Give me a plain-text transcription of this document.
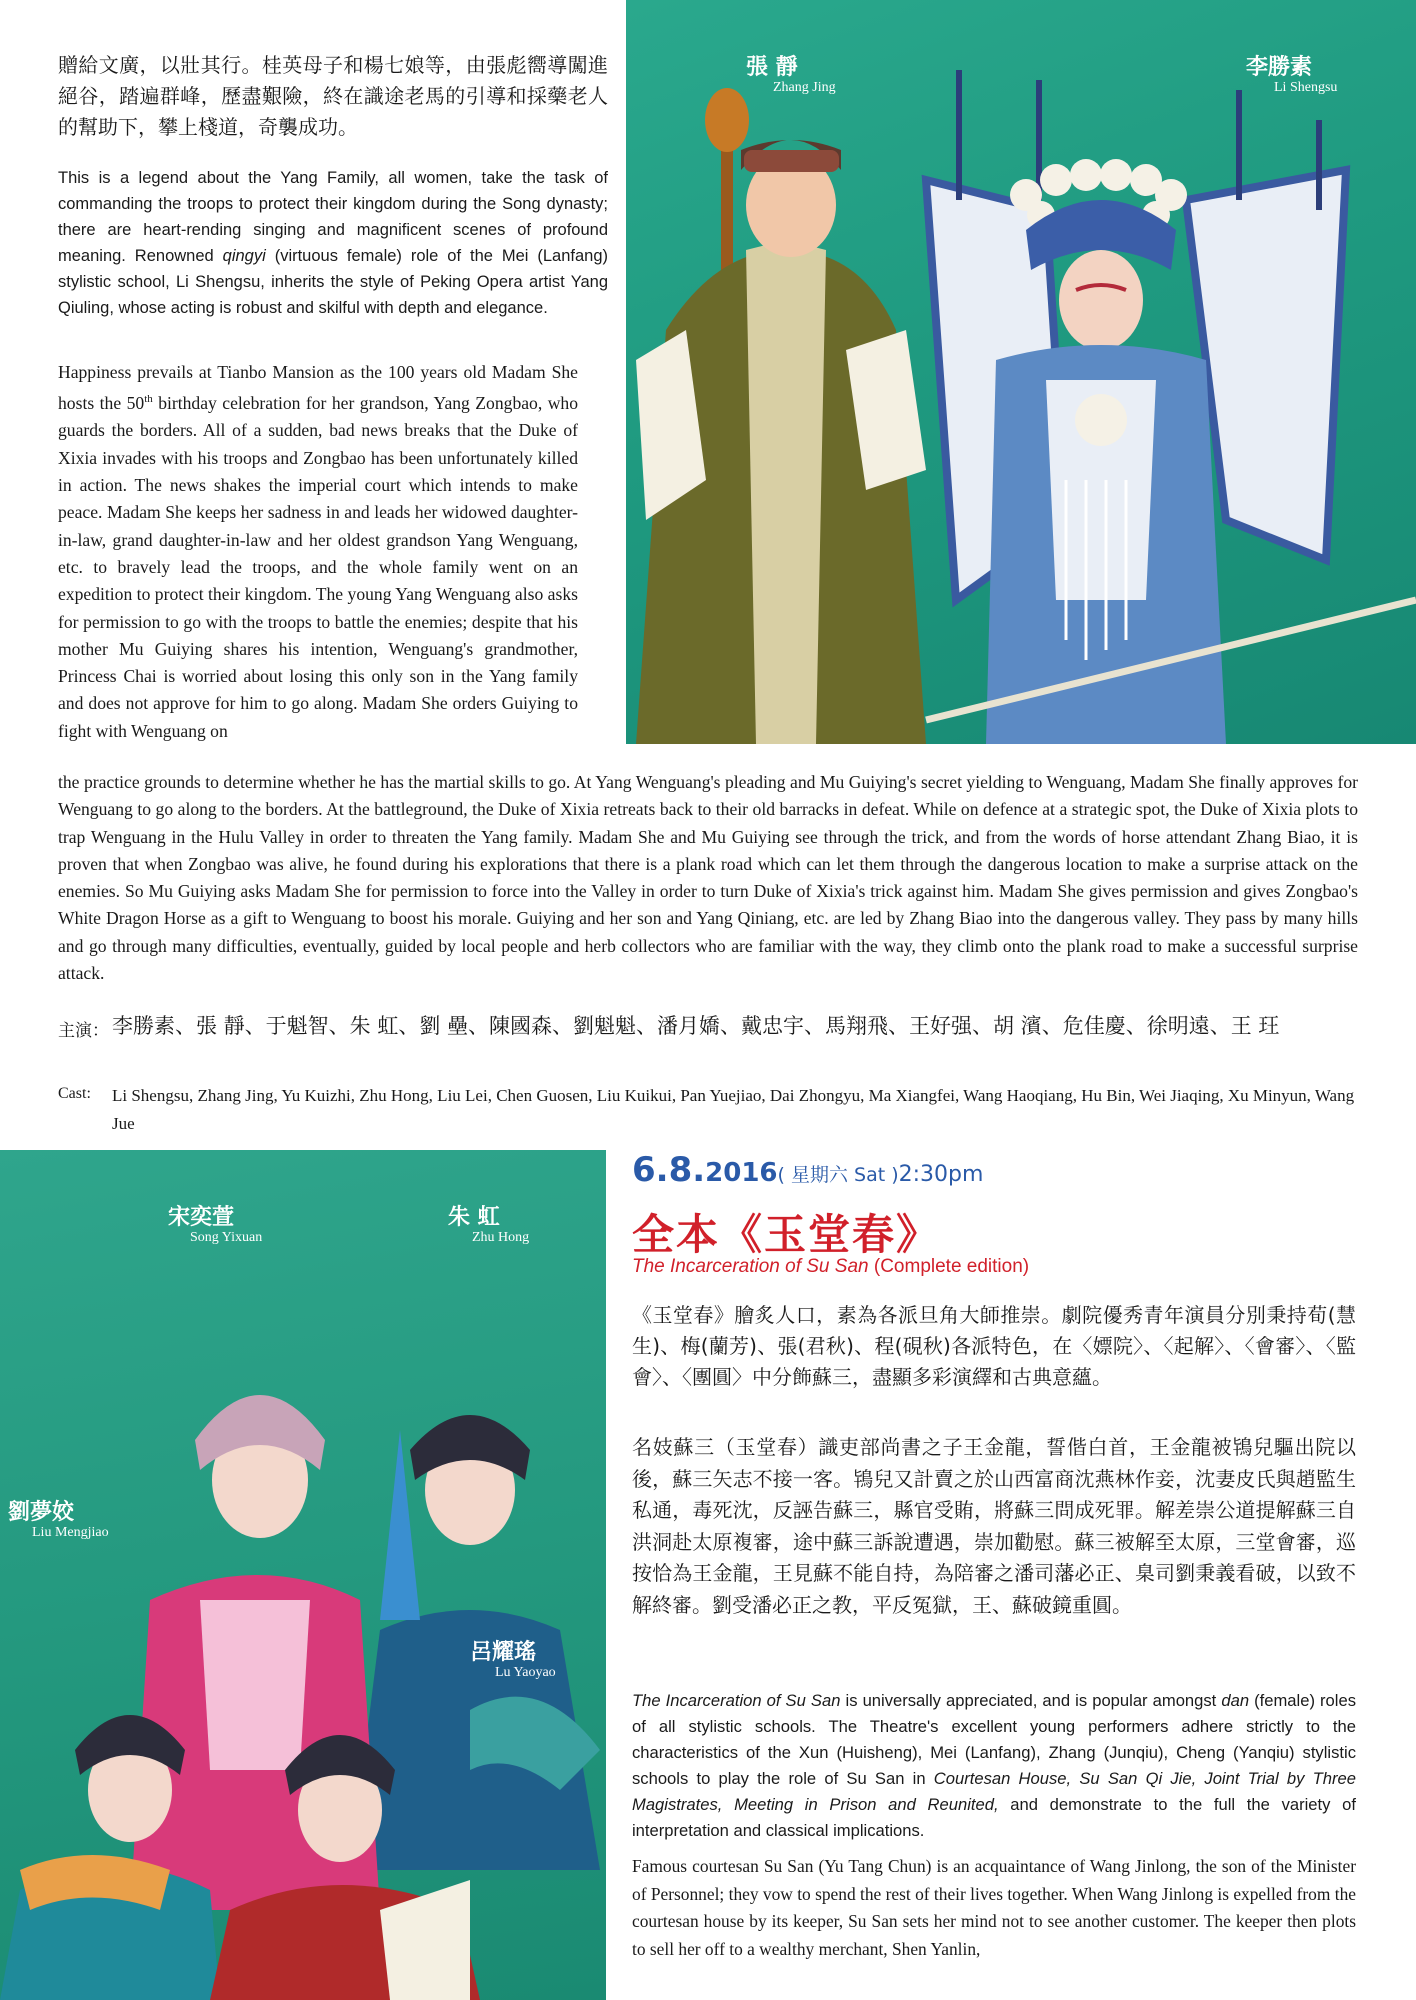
張 靜
Zhang Jing
李勝素
Li Shengsu

贈給文廣，以壯其行。桂英母子和楊七娘等，由張彪嚮導闖進絕谷，踏遍群峰，歷盡艱險，終在識途老馬的引導和採藥老人的幫助下，攀上棧道，奇襲成功。

This is a legend about the Yang Family, all women, take the task of commanding the troops to protect their kingdom during the Song dynasty; there are heart-rending singing and magnificent scenes of profound meaning. Renowned qingyi (virtuous female) role of the Mei (Lanfang) stylistic school, Li Shengsu, inherits the style of Peking Opera artist Yang Qiuling, whose acting is robust and skilful with depth and elegance.

Happiness prevails at Tianbo Mansion as the 100 years old Madam She hosts the 50th birthday celebration for her grandson, Yang Zongbao, who guards the borders. All of a sudden, bad news breaks that the Duke of Xixia invades with his troops and Zongbao has been unfortunately killed in action. The news shakes the imperial court which intends to make peace. Madam She keeps her sadness in and leads her widowed daughter-in-law, grand daughter-in-law and her oldest grandson Yang Wenguang, etc. to bravely lead the troops, and the whole family went on an expedition to protect their kingdom. The young Yang Wenguang also asks for permission to go with the troops to battle the enemies; despite that his mother Mu Guiying shares his intention, Wenguang's grandmother, Princess Chai is worried about losing this only son in the Yang family and does not approve for him to go along. Madam She orders Guiying to fight with Wenguang on

the practice grounds to determine whether he has the martial skills to go. At Yang Wenguang's pleading and Mu Guiying's secret yielding to Wenguang, Madam She finally approves for Wenguang to go along to the borders. At the battleground, the Duke of Xixia retreats back to their old barracks in defeat. While on defence at a strategic spot, the Duke of Xixia plots to trap Wenguang in the Hulu Valley in order to threaten the Yang family. Madam She and Mu Guiying see through the trick, and from the words of horse attendant Zhang Biao, it is proven that when Zongbao was alive, he found during his explorations that there is a plank road which can let them through the dangerous location to make a surprise attack on the enemies. So Mu Guiying asks Madam She for permission to force into the Valley in order to turn Duke of Xixia's trick against him. Madam She gives permission and gives Zongbao's White Dragon Horse as a gift to Wenguang to boost his morale. Guiying and her son and Yang Qiniang, etc. are led by Zhang Biao into the dangerous valley. They pass by many hills and go through many difficulties, eventually, guided by local people and herb collectors who are familiar with the way, they climb onto the plank road to make a successful surprise attack.

主演： 李勝素、張 靜、于魁智、朱 虹、劉 壘、陳國森、劉魁魁、潘月嬌、戴忠宇、馬翔飛、王好强、胡 濱、危佳慶、徐明遠、王 玨

Cast: Li Shengsu, Zhang Jing, Yu Kuizhi, Zhu Hong, Liu Lei, Chen Guosen, Liu Kuikui, Pan Yuejiao, Dai Zhongyu, Ma Xiangfei, Wang Haoqiang, Hu Bin, Wei Jiaqing, Xu Minyun, Wang Jue

宋奕萱
Song Yixuan
朱 虹
Zhu Hong
劉夢姣
Liu Mengjiao
呂耀瑤
Lu Yaoyao
6.8.2016( 星期六 Sat )2:30pm
全本《玉堂春》
The Incarceration of Su San (Complete edition)

《玉堂春》膾炙人口，素為各派旦角大師推崇。劇院優秀青年演員分別秉持荀(慧生)、梅(蘭芳)、張(君秋)、程(硯秋)各派特色，在〈嫖院〉、〈起解〉、〈會審〉、〈監會〉、〈團圓〉中分飾蘇三，盡顯多彩演繹和古典意蘊。

名妓蘇三（玉堂春）識吏部尚書之子王金龍，誓偕白首，王金龍被鴇兒驅出院以後，蘇三矢志不接一客。鴇兒又計賣之於山西富商沈燕林作妾，沈妻皮氏與趙監生私通，毒死沈，反誣告蘇三，縣官受賄，將蘇三問成死罪。解差崇公道提解蘇三自洪洞赴太原複審，途中蘇三訴說遭遇，崇加勸慰。蘇三被解至太原，三堂會審，巡按恰為王金龍，王見蘇不能自持，為陪審之潘司藩必正、臬司劉秉義看破，以致不解終審。劉受潘必正之教，平反冤獄，王、蘇破鏡重圓。

The Incarceration of Su San is universally appreciated, and is popular amongst dan (female) roles of all stylistic schools. The Theatre's excellent young performers adhere strictly to the characteristics of the Xun (Huisheng), Mei (Lanfang), Zhang (Junqiu), Cheng (Yanqiu) stylistic schools to play the role of Su San in Courtesan House, Su San Qi Jie, Joint Trial by Three Magistrates, Meeting in Prison and Reunited, and demonstrate to the full the variety of interpretation and classical implications.

Famous courtesan Su San (Yu Tang Chun) is an acquaintance of Wang Jinlong, the son of the Minister of Personnel; they vow to spend the rest of their lives together. When Wang Jinlong is expelled from the courtesan house by its keeper, Su San sets her mind not to see another customer. The keeper then plots to sell her off to a wealthy merchant, Shen Yanlin,
